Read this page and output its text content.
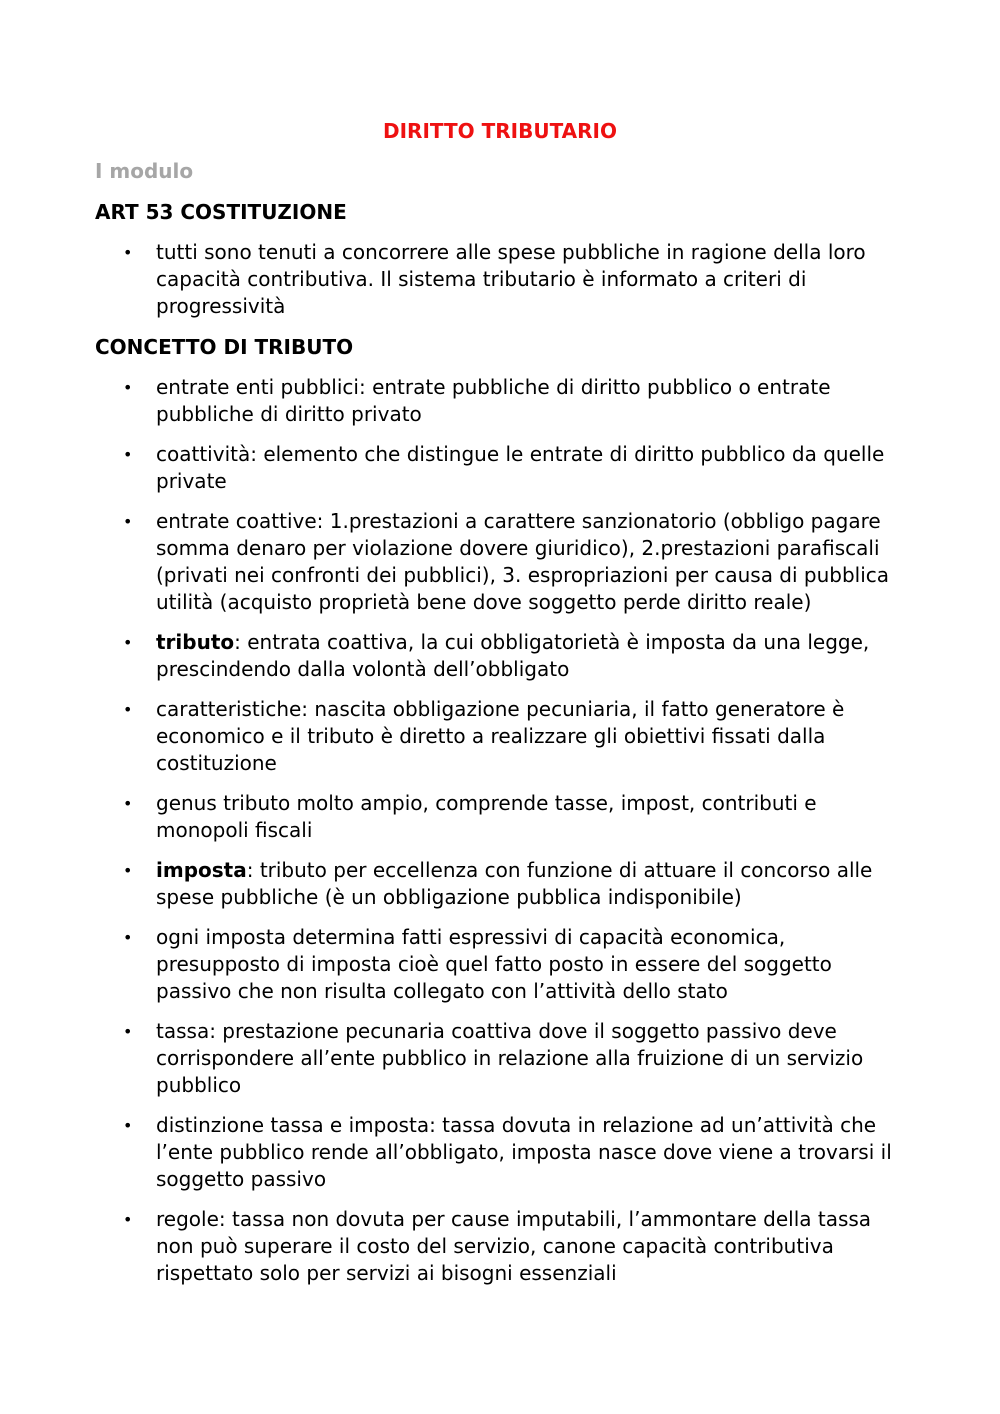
DIRITTO TRIBUTARIO
I modulo
ART 53 COSTITUZIONE
• tutti sono tenuti a concorrere alle spese pubbliche in ragione della loro capacità contributiva. Il sistema tributario è informato a criteri di progressività
CONCETTO DI TRIBUTO
• entrate enti pubblici: entrate pubbliche di diritto pubblico o entrate pubbliche di diritto privato
• coattività: elemento che distingue le entrate di diritto pubblico da quelle private
• entrate coattive: 1.prestazioni a carattere sanzionatorio (obbligo pagare somma denaro per violazione dovere giuridico), 2.prestazioni parafiscali (privati nei confronti dei pubblici), 3. espropriazioni per causa di pubblica utilità (acquisto proprietà bene dove soggetto perde diritto reale)
• tributo: entrata coattiva, la cui obbligatorietà è imposta da una legge, prescindendo dalla volontà dell’obbligato
• caratteristiche: nascita obbligazione pecuniaria, il fatto generatore è economico e il tributo è diretto a realizzare gli obiettivi fissati dalla costituzione
• genus tributo molto ampio, comprende tasse, impost, contributi e monopoli fiscali
• imposta: tributo per eccellenza con funzione di attuare il concorso alle spese pubbliche (è un obbligazione pubblica indisponibile)
• ogni imposta determina fatti espressivi di capacità economica, presupposto di imposta cioè quel fatto posto in essere del soggetto passivo che non risulta collegato con l’attività dello stato
• tassa: prestazione pecunaria coattiva dove il soggetto passivo deve corrispondere all’ente pubblico in relazione alla fruizione di un servizio pubblico
• distinzione tassa e imposta: tassa dovuta in relazione ad un’attività che l’ente pubblico rende all’obbligato, imposta nasce dove viene a trovarsi il soggetto passivo
• regole: tassa non dovuta per cause imputabili, l’ammontare della tassa non può superare il costo del servizio, canone capacità contributiva rispettato solo per servizi ai bisogni essenziali
